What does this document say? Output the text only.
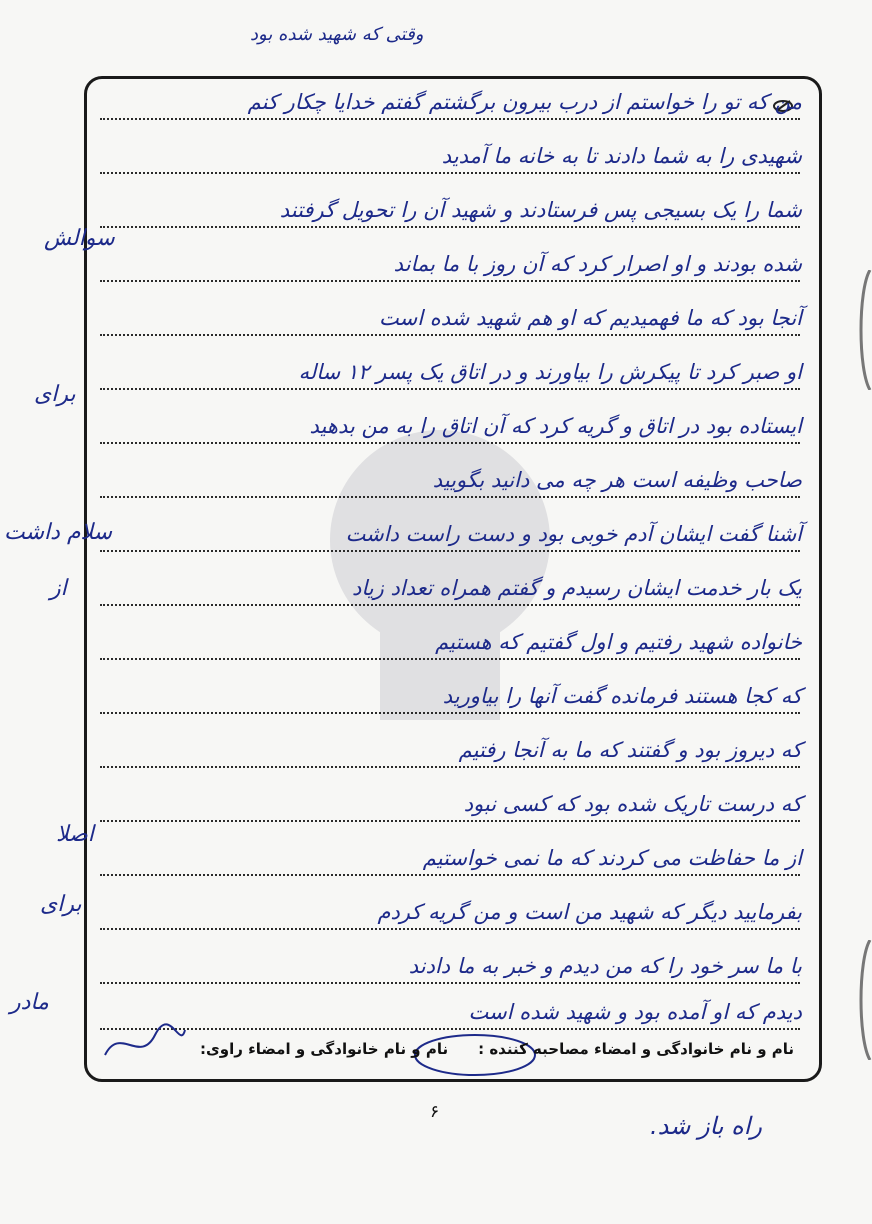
وقتی که شهید شده بود
من که تو را خواستم از درب بیرون برگشتم گفتم خدایا چکار کنم
شهیدی را به شما دادند تا به خانه ما آمدید
شما را یک بسیجی پس فرستادند و شهید آن را تحویل گرفتند
شده بودند و او اصرار کرد که آن روز با ما بماند
آنجا بود که ما فهمیدیم که او هم شهید شده است
او صبر کرد تا پیکرش را بیاورند و در اتاق یک پسر ۱۲ ساله
ایستاده بود در اتاق و گریه کرد که آن اتاق را به من بدهید
صاحب وظیفه است هر چه می دانید بگویید
آشنا گفت ایشان آدم خوبی بود و دست راست داشت
یک بار خدمت ایشان رسیدم و گفتم همراه تعداد زیاد
خانواده شهید رفتیم و اول گفتیم که هستیم
که کجا هستند فرمانده گفت آنها را بیاورید
که دیروز بود و گفتند که ما به آنجا رفتیم
که درست تاریک شده بود که کسی نبود
از ما حفاظت می کردند که ما نمی خواستیم
بفرمایید دیگر که شهید من است و من گریه کردم
با ما سر خود را که من دیدم و خبر به ما دادند
دیدم که او آمده بود و شهید شده است
سوالش
برای
سلام داشت
از
اصلا
برای
مادر
نام و نام خانوادگی و امضاء مصاحبه کننده :
نام و نام خانوادگی و امضاء راوی:
۶	راه باز شد.
